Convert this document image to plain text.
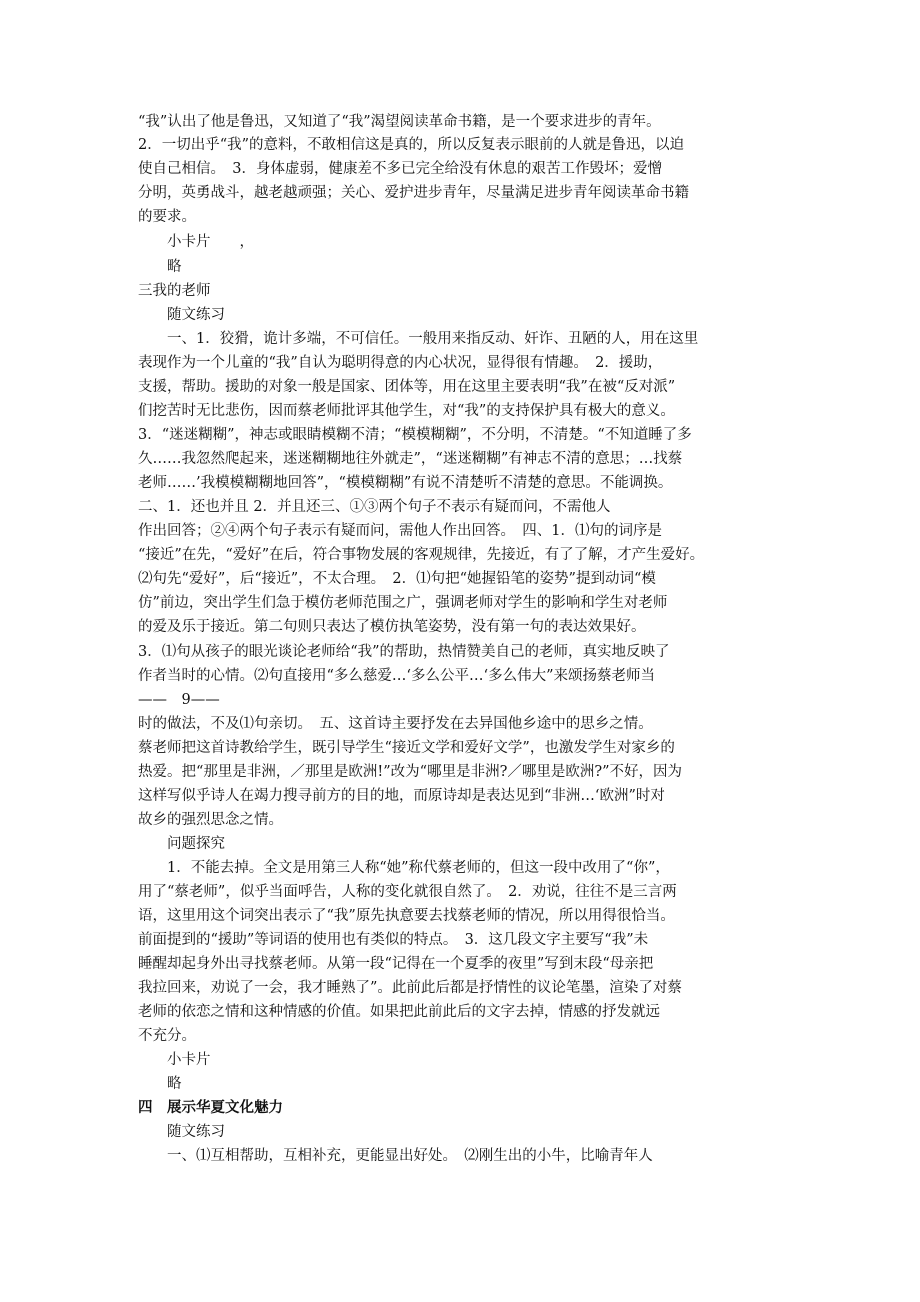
“我”认出了他是鲁迅，又知道了“我”渴望阅读革命书籍，是一个要求进步的青年。
2．一切出乎“我”的意料，不敢相信这是真的，所以反复表示眼前的人就是鲁迅，以迫
使自己相信。　3．身体虚弱，健康差不多已完全给没有休息的艰苦工作毁坏；爱憎
分明，英勇战斗，越老越顽强；关心、爱护进步青年，尽量满足进步青年阅读革命书籍
的要求。
　　小卡片　　，
　　略
三我的老师
　　随文练习
　　一、1．狡猾，诡计多端，不可信任。一般用来指反动、奸诈、丑陋的人，用在这里
表现作为一个儿童的“我”自认为聪明得意的内心状况，显得很有情趣。　2．援助，
支援，帮助。援助的对象一般是国家、团体等，用在这里主要表明“我”在被“反对派”
们挖苦时无比悲伤，因而蔡老师批评其他学生，对“我”的支持保护具有极大的意义。
3．“迷迷糊糊”，神志或眼睛模糊不清；“模模糊糊”，不分明，不清楚。“不知道睡了多
久……我忽然爬起来，迷迷糊糊地往外就走”，“迷迷糊糊”有神志不清的意思；…找蔡
老师……’我模模糊糊地回答”，“模模糊糊”有说不清楚听不清楚的意思。不能调换。
二、1．还也并且 2．并且还三、①③两个句子不表示有疑而问，不需他人
作出回答；②④两个句子表示有疑而问，需他人作出回答。　四、1．⑴句的词序是
“接近”在先，“爱好”在后，符合事物发展的客观规律，先接近，有了了解，才产生爱好。
⑵句先“爱好”，后“接近”，不太合理。　2．⑴句把“她握铅笔的姿势”提到动词“模
仿”前边，突出学生们急于模仿老师范围之广，强调老师对学生的影响和学生对老师
的爱及乐于接近。第二句则只表达了模仿执笔姿势，没有第一句的表达效果好。
3．⑴句从孩子的眼光谈论老师给“我”的帮助，热情赞美自己的老师，真实地反映了
作者当时的心情。⑵句直接用“多么慈爱…‘多么公平…‘多么伟大”来颂扬蔡老师当
——　9——
时的做法，不及⑴句亲切。　五、这首诗主要抒发在去异国他乡途中的思乡之情。
蔡老师把这首诗教给学生，既引导学生“接近文学和爱好文学”，也激发学生对家乡的
热爱。把“那里是非洲，／那里是欧洲!”改为“哪里是非洲?／哪里是欧洲?”不好，因为
这样写似乎诗人在竭力搜寻前方的目的地，而原诗却是表达见到“非洲…‘欧洲”时对
故乡的强烈思念之情。
　　问题探究
　　1．不能去掉。全文是用第三人称“她”称代蔡老师的，但这一段中改用了“你”，
用了“蔡老师”，似乎当面呼告，人称的变化就很自然了。　2．劝说，往往不是三言两
语，这里用这个词突出表示了“我”原先执意要去找蔡老师的情况，所以用得很恰当。
前面提到的“援助”等词语的使用也有类似的特点。　3．这几段文字主要写“我”未
睡醒却起身外出寻找蔡老师。从第一段“记得在一个夏季的夜里”写到末段“母亲把
我拉回来，劝说了一会，我才睡熟了”。此前此后都是抒情性的议论笔墨，渲染了对蔡
老师的依恋之情和这种情感的价值。如果把此前此后的文字去掉，情感的抒发就远
不充分。
　　小卡片
　　略
四　展示华夏文化魅力
　　随文练习
　　一、⑴互相帮助，互相补充，更能显出好处。　⑵刚生出的小牛，比喻青年人
